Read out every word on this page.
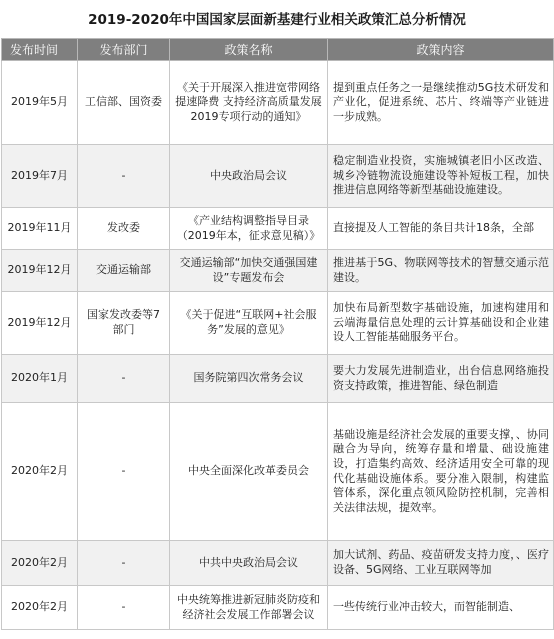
2019-2020年中国国家层面新基建行业相关政策汇总分析情况
发布时间	发布部门	政策名称	政策内容
2019年5月	工信部、国资委	《关于开展深入推进宽带网络提速降费 支持经济高质量发展2019专项行动的通知》	提到重点任务之一是继续推动5G技术研发和产业化，促进系统、芯片、终端等产业链进一步成熟。
2019年7月	-	中央政治局会议	稳定制造业投资，实施城镇老旧小区改造、城乡冷链物流设施建设等补短板工程，加快推进信息网络等新型基础设施建设。
2019年11月	发改委	《产业结构调整指导目录（2019年本，征求意见稿）》	直接提及人工智能的条目共计18条，全部
2019年12月	交通运输部	交通运输部“加快交通强国建设”专题发布会	推进基于5G、物联网等技术的智慧交通示范建设。
2019年12月	国家发改委等7部门	《关于促进“互联网+社会服务”发展的意见》	加快布局新型数字基础设施，加速构建用和云端海量信息处理的云计算基础设和企业建设人工智能基础服务平台。
2020年1月	-	国务院第四次常务会议	要大力发展先进制造业，出台信息网络施投资支持政策，推进智能、绿色制造
2020年2月	-	中央全面深化改革委员会	基础设施是经济社会发展的重要支撑，、协同融合为导向，统筹存量和增量、础设施建设，打造集约高效、经济适用安全可靠的现代化基础设施体系。要分准入限制，构建监管体系，深化重点领风险防控机制，完善相关法律法规，提效率。
2020年2月	-	中共中央政治局会议	加大试剂、药品、疫苗研发支持力度，、医疗设备、5G网络、工业互联网等加
2020年2月	-	中央统筹推进新冠肺炎防疫和经济社会发展工作部署会议	一些传统行业冲击较大，而智能制造、
